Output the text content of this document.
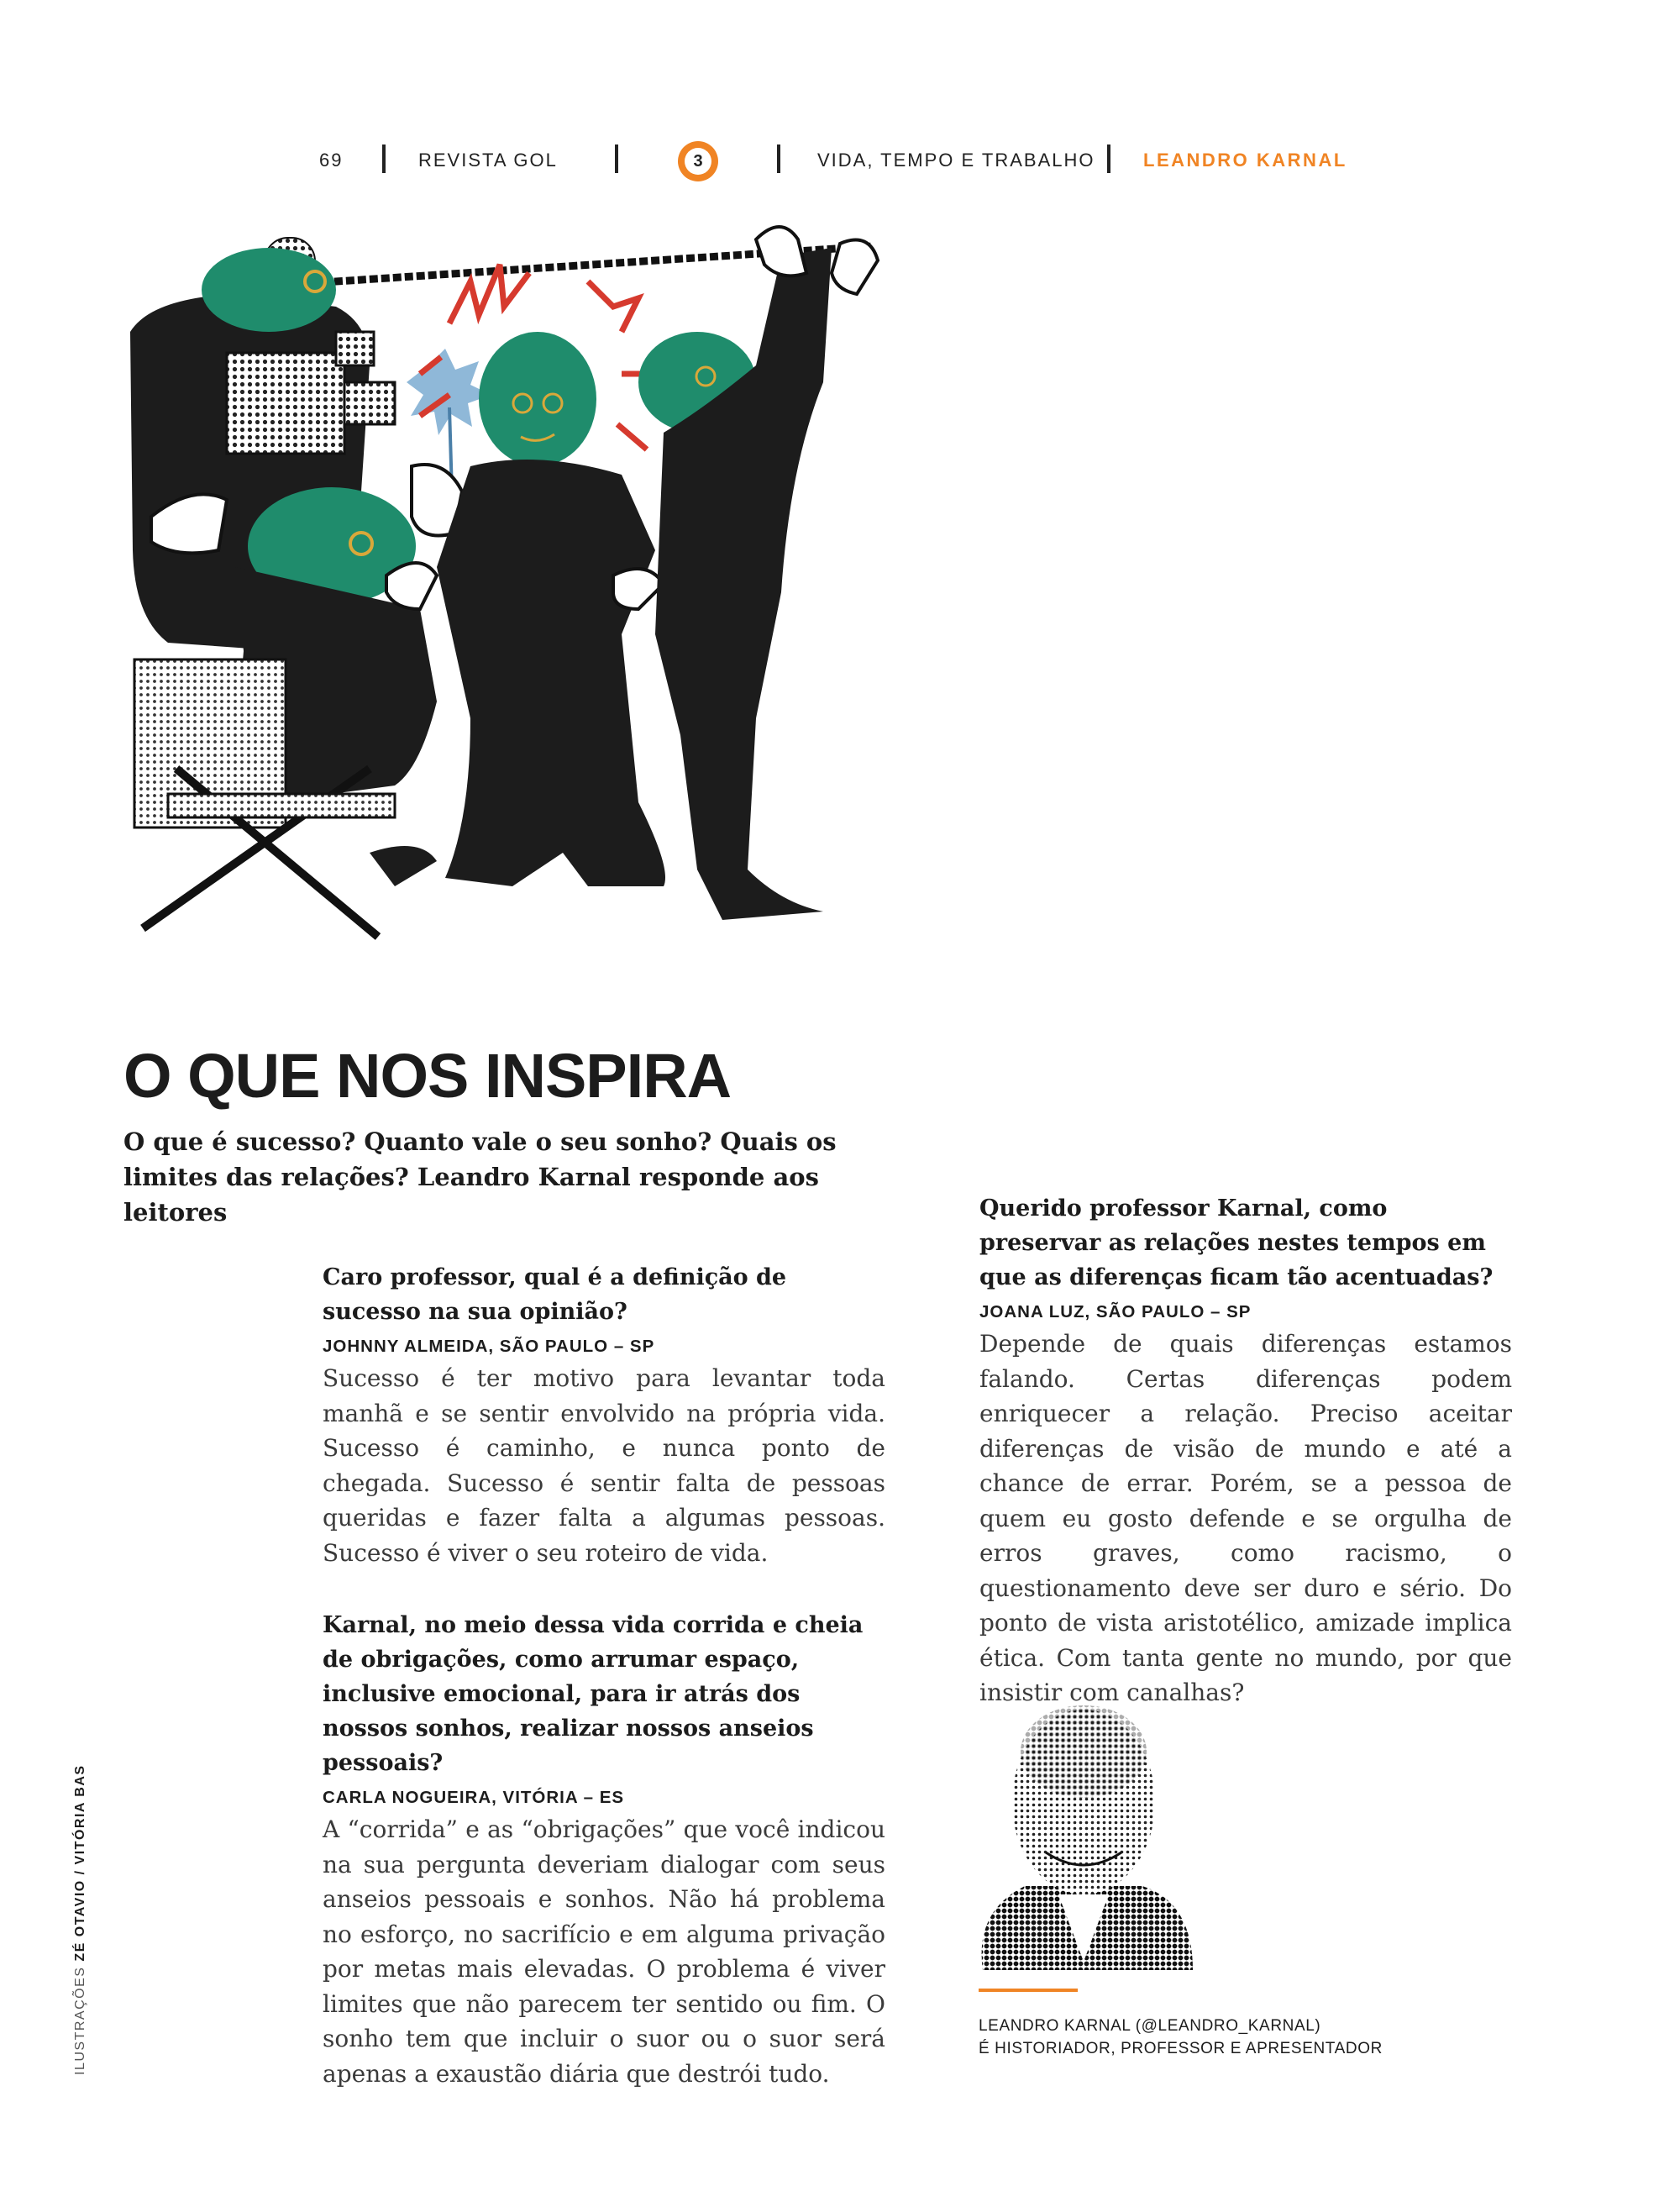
69	REVISTA GOL	3	VIDA, TEMPO E TRABALHO	LEANDRO KARNAL
O QUE NOS INSPIRA
O que é sucesso? Quanto vale o seu sonho? Quais os limites das relações? Leandro Karnal responde aos leitores
Caro professor, qual é a definição de sucesso na sua opinião?
JOHNNY ALMEIDA, SÃO PAULO – SP
Sucesso é ter motivo para levantar toda manhã e se sentir envolvido na própria vida. Sucesso é caminho, e nunca ponto de chegada. Sucesso é sentir falta de pessoas queridas e fazer falta a algumas pessoas. Sucesso é viver o seu roteiro de vida.
Karnal, no meio dessa vida corrida e cheia de obrigações, como arrumar espaço, inclusive emocional, para ir atrás dos nossos sonhos, realizar nossos anseios pessoais?
CARLA NOGUEIRA, VITÓRIA – ES
A “corrida” e as “obrigações” que você indicou na sua pergunta deveriam dialogar com seus anseios pessoais e sonhos. Não há problema no esforço, no sacrifício e em alguma privação por metas mais elevadas. O problema é viver limites que não parecem ter sentido ou fim. O sonho tem que incluir o suor ou o suor será apenas a exaustão diária que destrói tudo.
Querido professor Karnal, como preservar as relações nestes tempos em que as diferenças ficam tão acentuadas?
JOANA LUZ, SÃO PAULO – SP
Depende de quais diferenças estamos falando. Certas diferenças podem enriquecer a relação. Preciso aceitar diferenças de visão de mundo e até a chance de errar. Porém, se a pessoa de quem eu gosto defende e se orgulha de erros graves, como racismo, o questionamento deve ser duro e sério. Do ponto de vista aristotélico, amizade implica ética. Com tanta gente no mundo, por que insistir com canalhas?
LEANDRO KARNAL (@LEANDRO_KARNAL)
É HISTORIADOR, PROFESSOR E APRESENTADOR
ILUSTRAÇÕES ZÉ OTAVIO / VITÓRIA BAS
